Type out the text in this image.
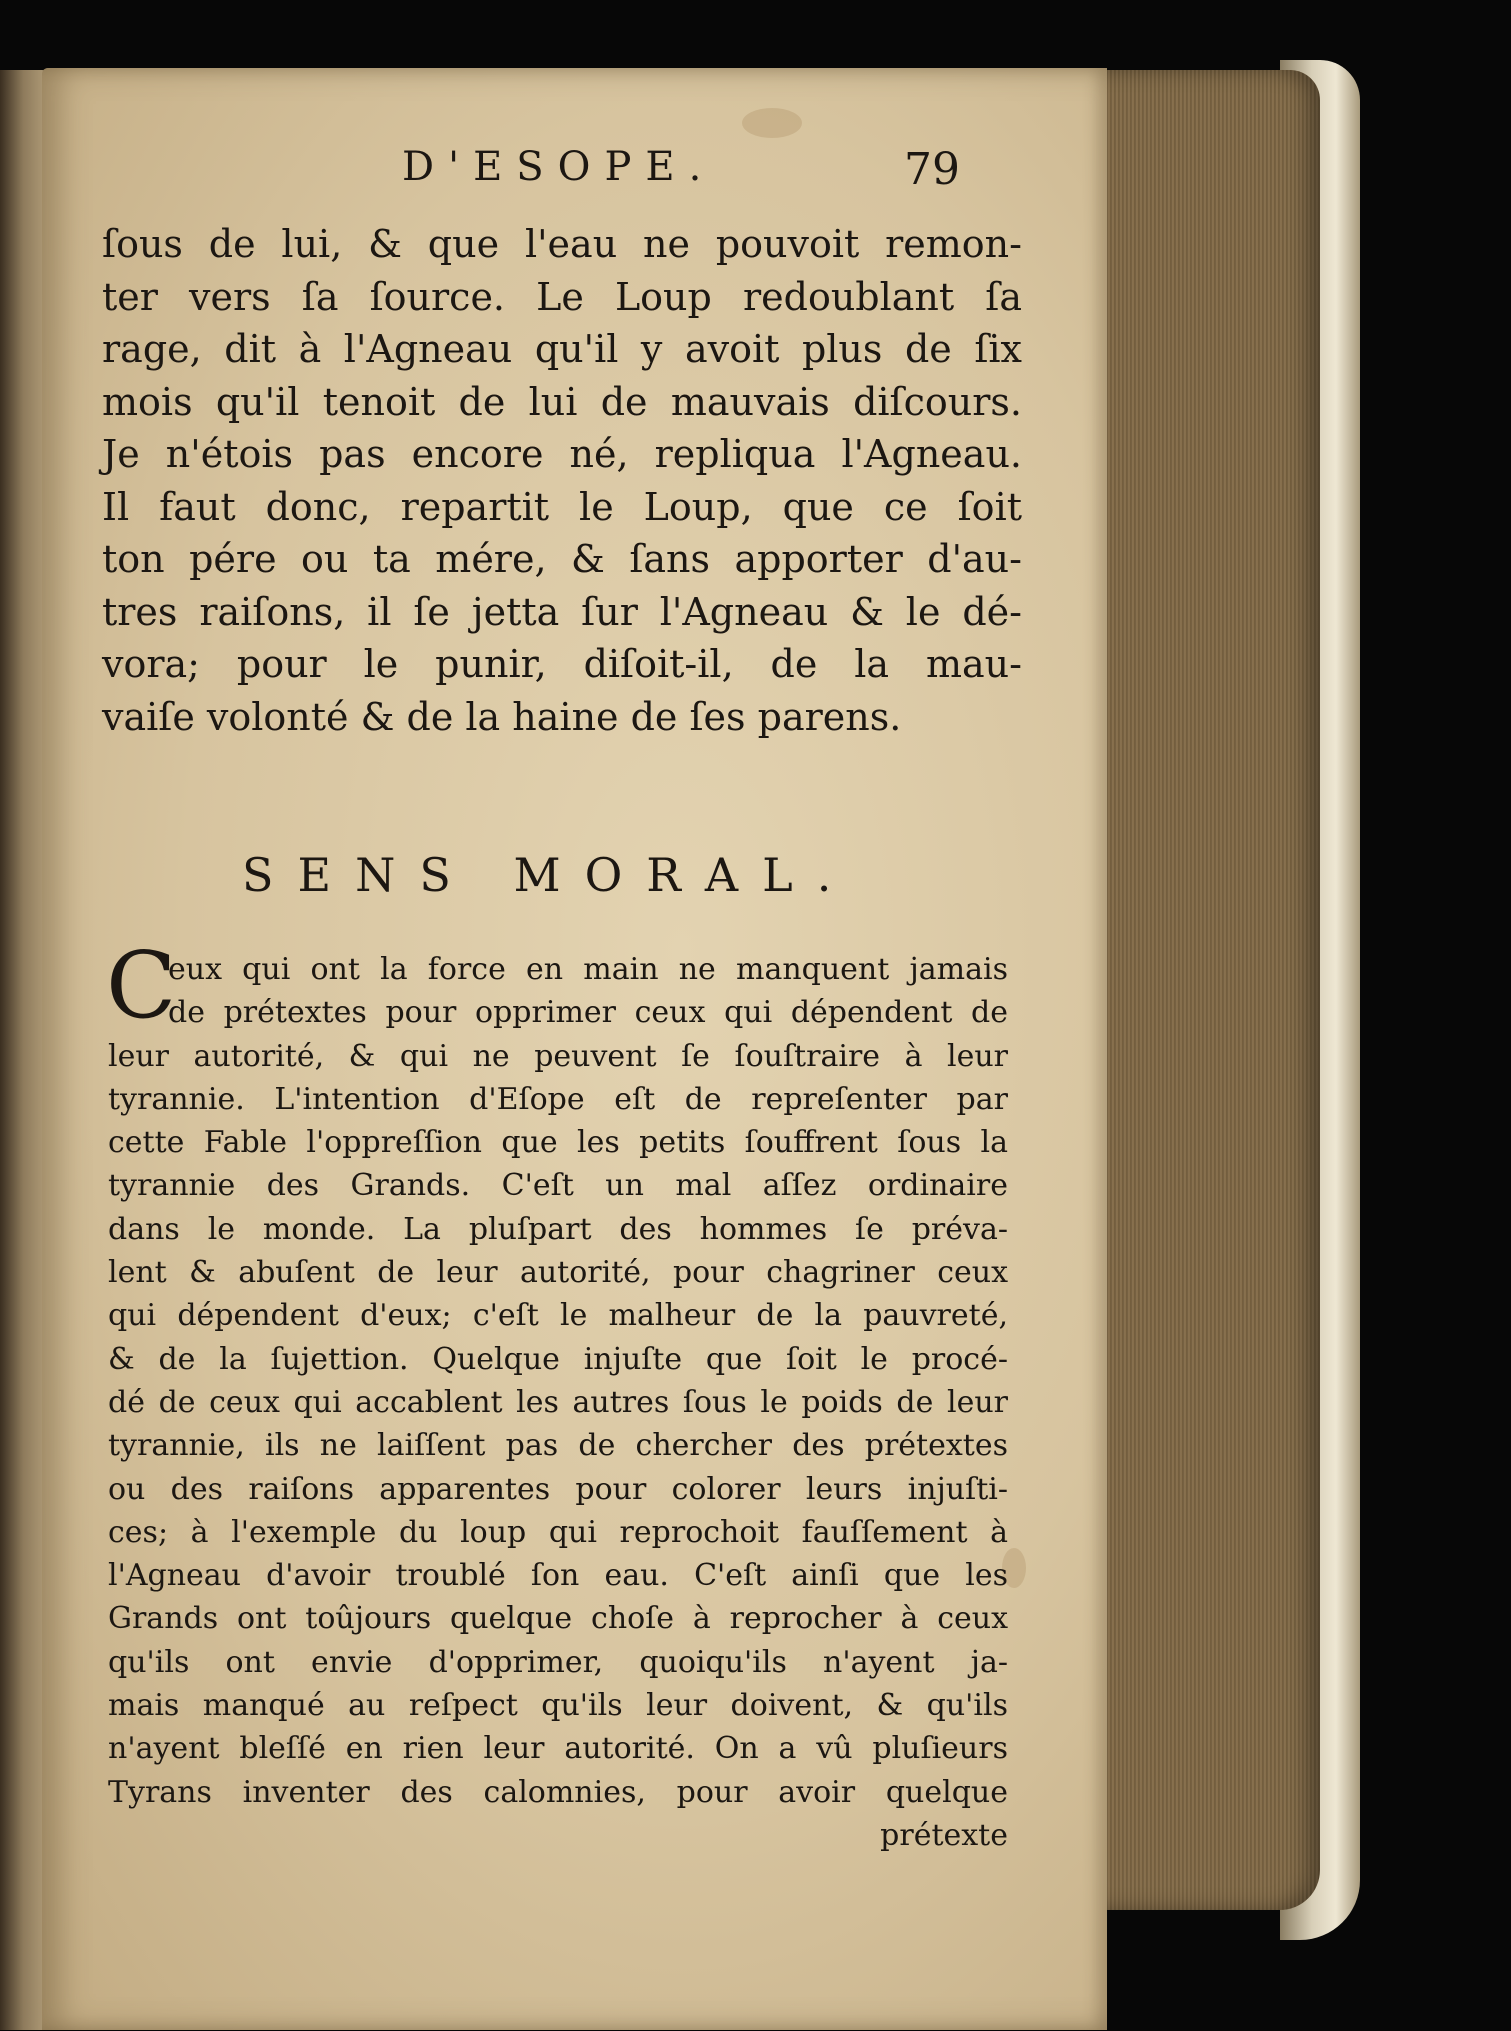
D'ESOPE.	79
ſous de lui, & que l'eau ne pouvoit remon-
ter vers ſa ſource. Le Loup redoublant ſa
rage, dit à l'Agneau qu'il y avoit plus de ſix
mois qu'il tenoit de lui de mauvais diſcours.
Je n'étois pas encore né, repliqua l'Agneau.
Il faut donc, repartit le Loup, que ce ſoit
ton pére ou ta mére, & ſans apporter d'au-
tres raiſons, il ſe jetta ſur l'Agneau & le dé-
vora; pour le punir, diſoit-il, de la mau-
vaiſe volonté & de la haine de ſes parens.
SENS MORAL.
C
eux qui ont la force en main ne manquent jamais
de prétextes pour opprimer ceux qui dépendent de
leur autorité, & qui ne peuvent ſe ſouſtraire à leur
tyrannie. L'intention d'Eſope eſt de repreſenter par
cette Fable l'oppreſſion que les petits ſouffrent ſous la
tyrannie des Grands. C'eſt un mal aſſez ordinaire
dans le monde. La pluſpart des hommes ſe préva-
lent & abuſent de leur autorité, pour chagriner ceux
qui dépendent d'eux; c'eſt le malheur de la pauvreté,
& de la ſujettion. Quelque injuſte que ſoit le procé-
dé de ceux qui accablent les autres ſous le poids de leur
tyrannie, ils ne laiſſent pas de chercher des prétextes
ou des raiſons apparentes pour colorer leurs injuſti-
ces; à l'exemple du loup qui reprochoit fauſſement à
l'Agneau d'avoir troublé ſon eau. C'eſt ainſi que les
Grands ont toûjours quelque choſe à reprocher à ceux
qu'ils ont envie d'opprimer, quoiqu'ils n'ayent ja-
mais manqué au reſpect qu'ils leur doivent, & qu'ils
n'ayent bleſſé en rien leur autorité. On a vû pluſieurs
Tyrans inventer des calomnies, pour avoir quelque
prétexte
